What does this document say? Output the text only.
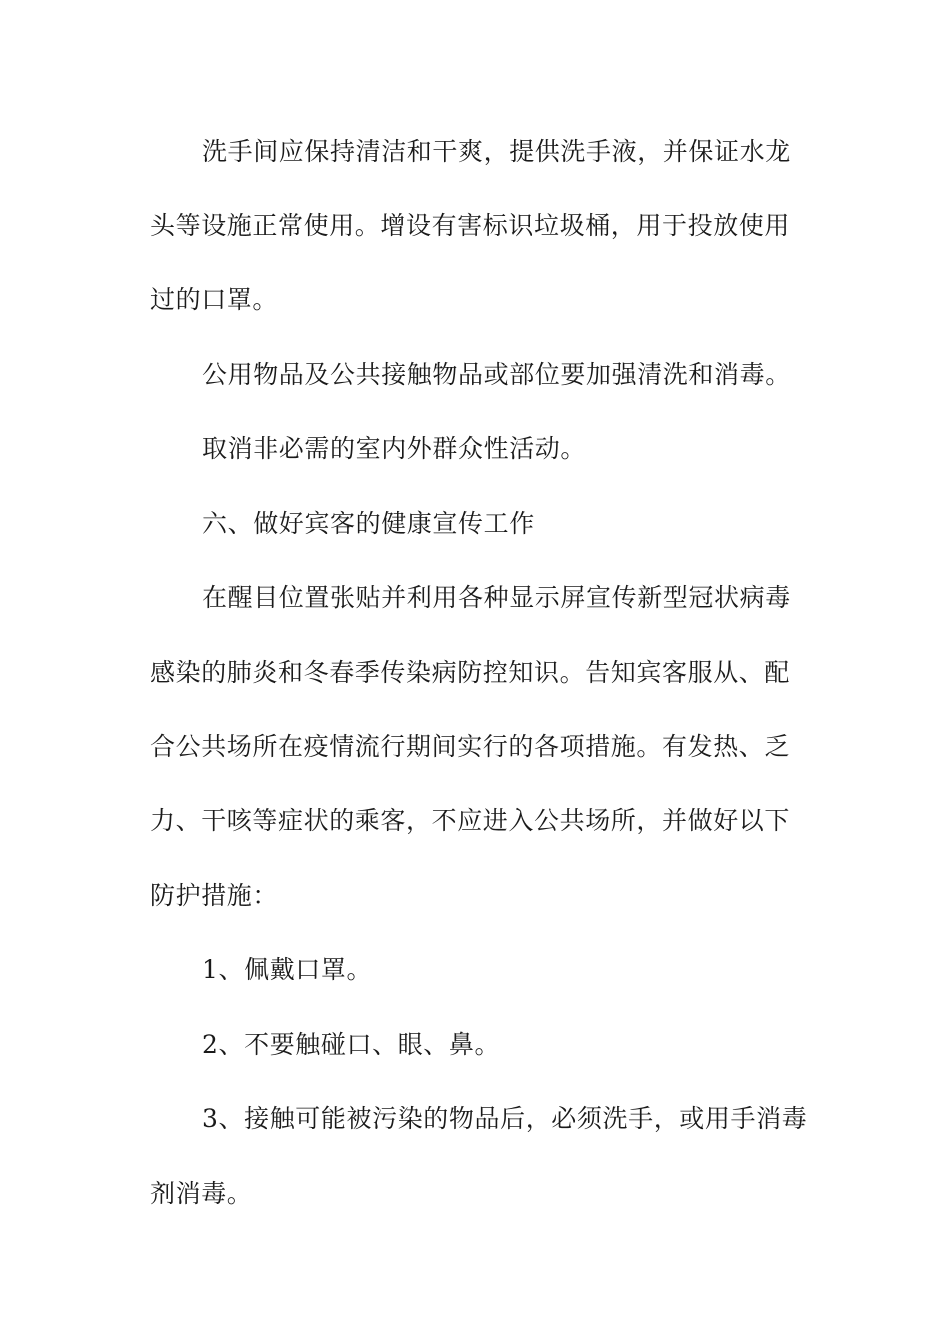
洗手间应保持清洁和干爽，提供洗手液，并保证水龙
头等设施正常使用。增设有害标识垃圾桶，用于投放使用
过的口罩。
公用物品及公共接触物品或部位要加强清洗和消毒。
取消非必需的室内外群众性活动。
六、做好宾客的健康宣传工作
在醒目位置张贴并利用各种显示屏宣传新型冠状病毒
感染的肺炎和冬春季传染病防控知识。告知宾客服从、配
合公共场所在疫情流行期间实行的各项措施。有发热、乏
力、干咳等症状的乘客，不应进入公共场所，并做好以下
防护措施：
1、佩戴口罩。
2、不要触碰口、眼、鼻。
3、接触可能被污染的物品后，必须洗手，或用手消毒
剂消毒。
